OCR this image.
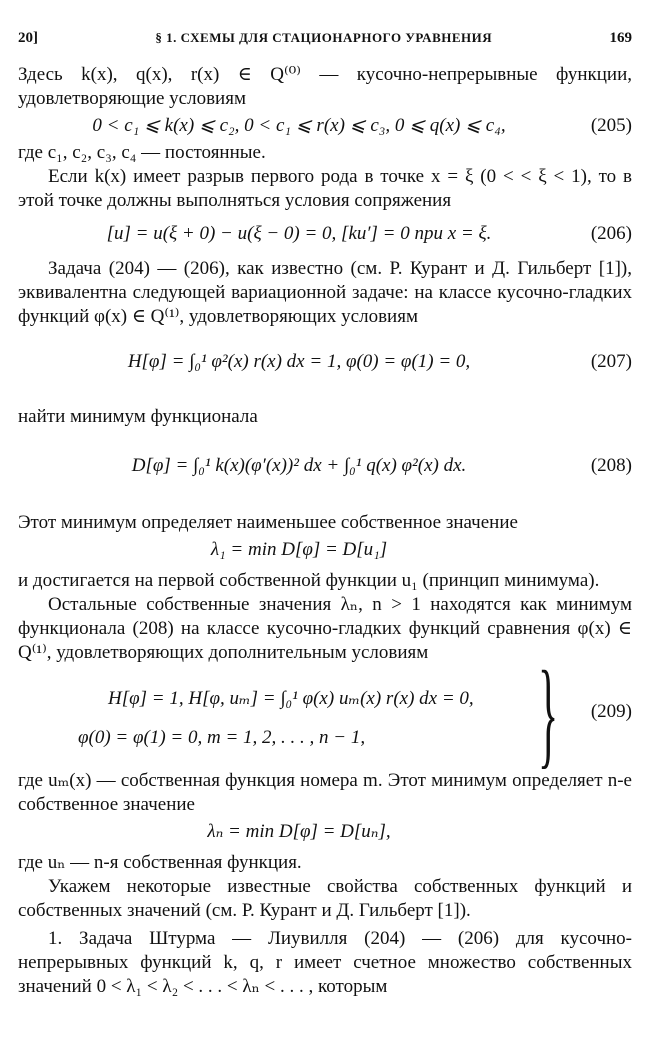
20]	§ 1. СХЕМЫ ДЛЯ СТАЦИОНАРНОГО УРАВНЕНИЯ	169

Здесь k(x), q(x), r(x) ∈ Q⁽⁰⁾ — кусочно-непрерывные функции, удовлетворяющие условиям

0 < c₁ ⩽ k(x) ⩽ c₂, 0 < c₁ ⩽ r(x) ⩽ c₃, 0 ⩽ q(x) ⩽ c₄,	(205)

где c₁, c₂, c₃, c₄ — постоянные.

Если k(x) имеет разрыв первого рода в точке x = ξ (0 < < ξ < 1), то в этой точке должны выполняться условия сопряжения

[u] = u(ξ + 0) − u(ξ − 0) = 0, [ku′] = 0 при x = ξ.	(206)

Задача (204) — (206), как известно (см. Р. Курант и Д. Гильберт [1]), эквивалентна следующей вариационной задаче: на классе кусочно-гладких функций φ(x) ∈ Q⁽¹⁾, удовлетворяющих условиям

H[φ] = ∫₀¹ φ²(x) r(x) dx = 1, φ(0) = φ(1) = 0,	(207)

найти минимум функционала

D[φ] = ∫₀¹ k(x)(φ′(x))² dx + ∫₀¹ q(x) φ²(x) dx.	(208)

Этот минимум определяет наименьшее собственное значение

λ₁ = min D[φ] = D[u₁]

и достигается на первой собственной функции u₁ (принцип минимума).

Остальные собственные значения λₙ, n > 1 находятся как минимум функционала (208) на классе кусочно-гладких функций сравнения φ(x) ∈ Q⁽¹⁾, удовлетворяющих дополнительным условиям

H[φ] = 1, H[φ, uₘ] = ∫₀¹ φ(x) uₘ(x) r(x) dx = 0,
φ(0) = φ(1) = 0, m = 1, 2, . . . , n − 1,	} (209)

где uₘ(x) — собственная функция номера m. Этот минимум определяет n-е собственное значение

λₙ = min D[φ] = D[uₙ],

где uₙ — n-я собственная функция.

Укажем некоторые известные свойства собственных функций и собственных значений (см. Р. Курант и Д. Гильберт [1]).

1. Задача Штурма — Лиувилля (204) — (206) для кусочно-непрерывных функций k, q, r имеет счетное множество собственных значений 0 < λ₁ < λ₂ < . . . < λₙ < . . . , которым
